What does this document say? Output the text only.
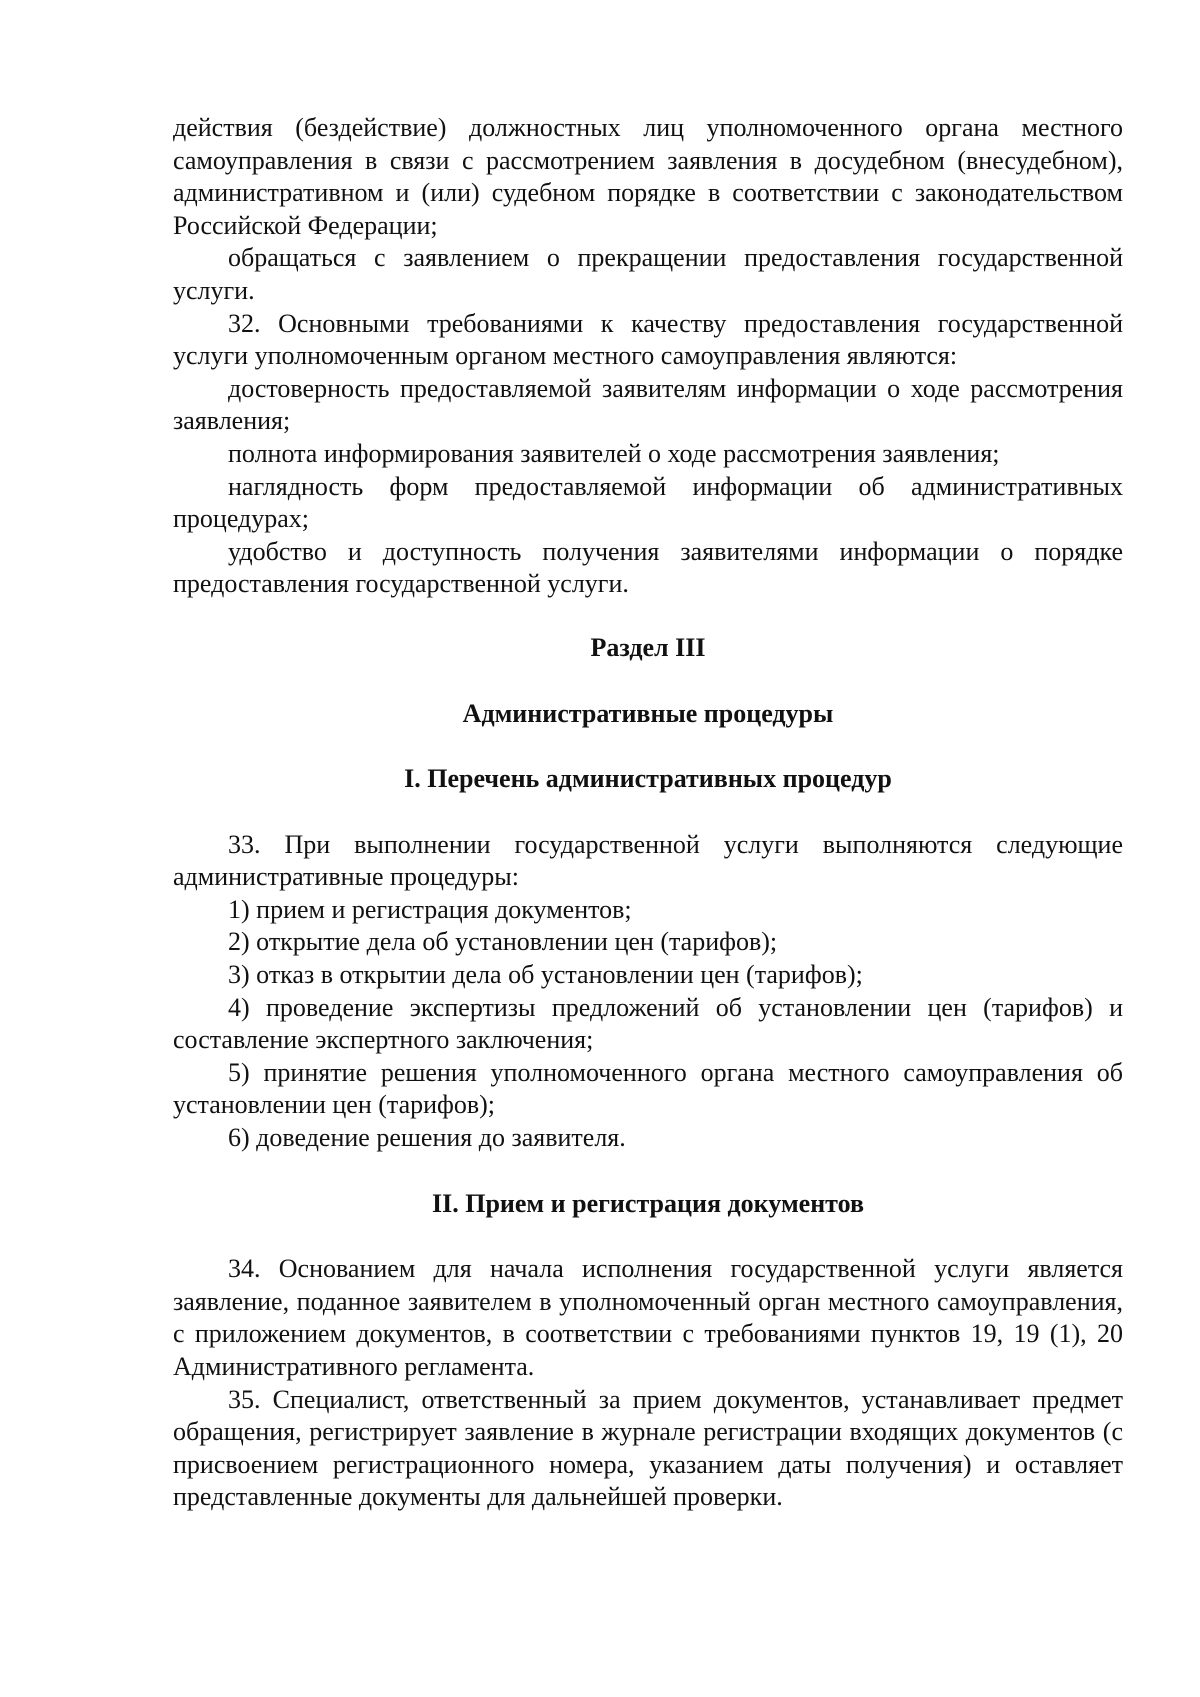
действия (бездействие) должностных лиц уполномоченного органа местного самоуправления в связи с рассмотрением заявления в досудебном (внесудебном), административном и (или) судебном порядке в соответствии с законодательством Российской Федерации;

обращаться с заявлением о прекращении предоставления государственной услуги.

32. Основными требованиями к качеству предоставления государственной услуги уполномоченным органом местного самоуправления являются:

достоверность предоставляемой заявителям информации о ходе рассмотрения заявления;

полнота информирования заявителей о ходе рассмотрения заявления;

наглядность форм предоставляемой информации об административных процедурах;

удобство и доступность получения заявителями информации о порядке предоставления государственной услуги.

Раздел III

Административные процедуры

I. Перечень административных процедур

33. При выполнении государственной услуги выполняются следующие административные процедуры:

1) прием и регистрация документов;

2) открытие дела об установлении цен (тарифов);

3) отказ в открытии дела об установлении цен (тарифов);

4) проведение экспертизы предложений об установлении цен (тарифов) и составление экспертного заключения;

5) принятие решения уполномоченного органа местного самоуправления об установлении цен (тарифов);

6) доведение решения до заявителя.

II. Прием и регистрация документов

34. Основанием для начала исполнения государственной услуги является заявление, поданное заявителем в уполномоченный орган местного самоуправления, с приложением документов, в соответствии с требованиями пунктов 19, 19 (1), 20 Административного регламента.

35. Специалист, ответственный за прием документов, устанавливает предмет обращения, регистрирует заявление в журнале регистрации входящих документов (с присвоением регистрационного номера, указанием даты получения) и оставляет представленные документы для дальнейшей проверки.
